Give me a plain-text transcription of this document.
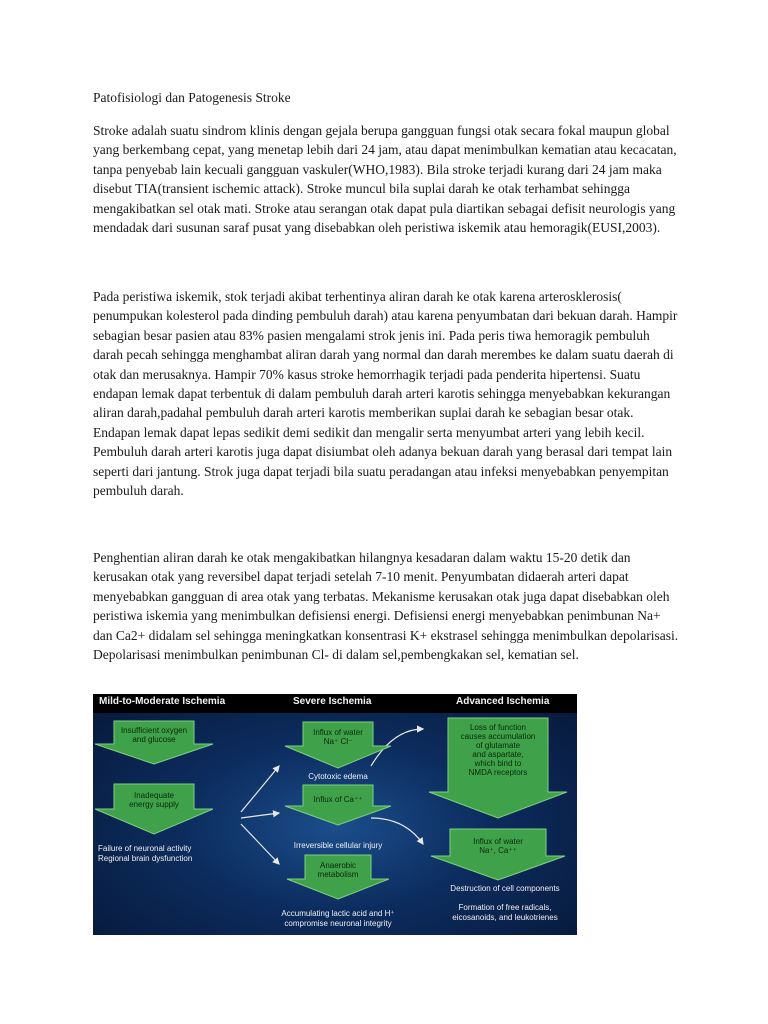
Patofisiologi dan Patogenesis Stroke

Stroke adalah suatu sindrom klinis dengan gejala berupa gangguan fungsi otak secara fokal maupun global yang berkembang cepat, yang menetap lebih dari 24 jam, atau dapat menimbulkan kematian atau kecacatan, tanpa penyebab lain kecuali gangguan vaskuler(WHO,1983). Bila stroke terjadi kurang dari 24 jam maka disebut TIA(transient ischemic attack). Stroke muncul bila suplai darah ke otak terhambat sehingga mengakibatkan sel otak mati. Stroke atau serangan otak dapat pula diartikan sebagai defisit neurologis yang mendadak dari susunan saraf pusat yang disebabkan oleh peristiwa iskemik atau hemoragik(EUSI,2003).

Pada peristiwa iskemik, stok terjadi akibat terhentinya aliran darah ke otak karena arterosklerosis( penumpukan kolesterol pada dinding pembuluh darah) atau karena penyumbatan dari bekuan darah. Hampir sebagian besar pasien atau 83% pasien mengalami strok jenis ini. Pada peris tiwa hemoragik pembuluh darah pecah sehingga menghambat aliran darah yang normal dan darah merembes ke dalam suatu daerah di otak dan merusaknya. Hampir 70% kasus stroke hemorrhagik terjadi pada penderita hipertensi. Suatu endapan lemak dapat terbentuk di dalam pembuluh darah arteri karotis sehingga menyebabkan kekurangan aliran darah,padahal pembuluh darah arteri karotis memberikan suplai darah ke sebagian besar otak. Endapan lemak dapat lepas sedikit demi sedikit dan mengalir serta menyumbat arteri yang lebih kecil. Pembuluh darah arteri karotis juga dapat disiumbat oleh adanya bekuan darah yang berasal dari tempat lain seperti dari jantung. Strok juga dapat terjadi bila suatu peradangan atau infeksi menyebabkan penyempitan pembuluh darah.

Penghentian aliran darah ke otak mengakibatkan hilangnya kesadaran dalam waktu 15-20 detik dan kerusakan otak yang reversibel dapat terjadi setelah 7-10 menit. Penyumbatan didaerah arteri dapat menyebabkan gangguan di area otak yang terbatas. Mekanisme kerusakan otak juga dapat disebabkan oleh peristiwa iskemia yang menimbulkan defisiensi energi. Defisiensi energi menyebabkan penimbunan Na+ dan Ca2+ didalam sel sehingga meningkatkan konsentrasi K+ ekstrasel sehingga menimbulkan depolarisasi. Depolarisasi menimbulkan penimbunan Cl- di dalam sel,pembengkakan sel, kematian sel.

Mild-to-Moderate Ischemia	Severe Ischemia	Advanced Ischemia
Insufficient oxygen
and glucose
Inadequate
energy supply
Influx of water
Na⁺ Cl⁻
Influx of Ca⁺⁺
Anaerobic
metabolism
Loss of function
causes accumulation
of glutamate
and aspartate,
which bind to
NMDA receptors
Influx of water
Na⁺, Ca⁺⁺
Failure of neuronal activity
Regional brain dysfunction
Cytotoxic edema
Irreversible cellular injury
Accumulating lactic acid and H⁺
compromise neuronal integrity
Destruction of cell components
Formation of free radicals,
eicosanoids, and leukotrienes
